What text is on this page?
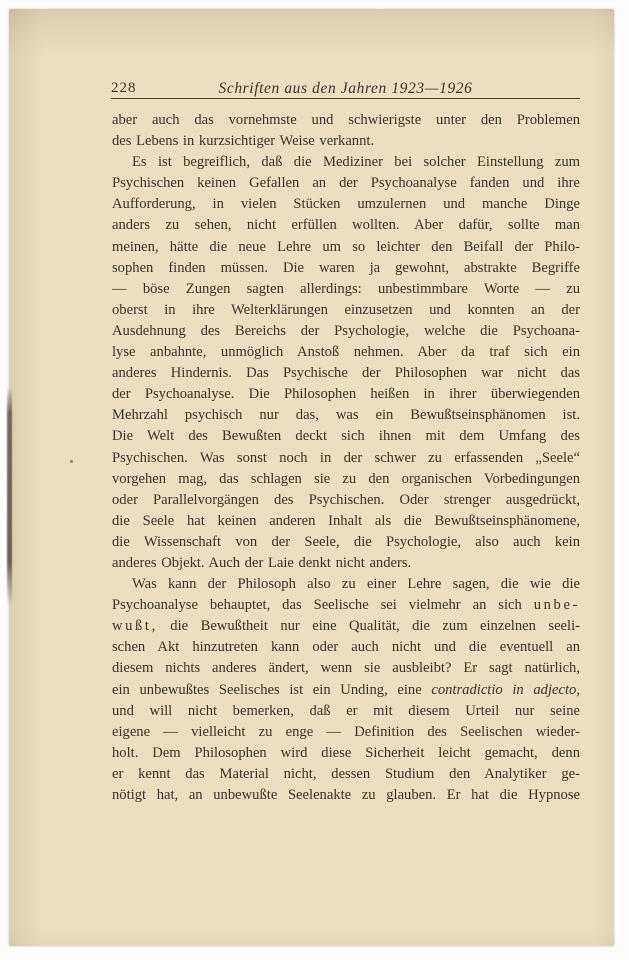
228	Schriften aus den Jahren 1923—1926
aber auch das vornehmste und schwierigste unter den Problemen
des Lebens in kurzsichtiger Weise verkannt.
Es ist begreiflich, daß die Mediziner bei solcher Einstellung zum
Psychischen keinen Gefallen an der Psychoanalyse fanden und ihre
Aufforderung, in vielen Stücken umzulernen und manche Dinge
anders zu sehen, nicht erfüllen wollten. Aber dafür, sollte man
meinen, hätte die neue Lehre um so leichter den Beifall der Philo-
sophen finden müssen. Die waren ja gewohnt, abstrakte Begriffe
— böse Zungen sagten allerdings: unbestimmbare Worte — zu
oberst in ihre Welterklärungen einzusetzen und konnten an der
Ausdehnung des Bereichs der Psychologie, welche die Psychoana-
lyse anbahnte, unmöglich Anstoß nehmen. Aber da traf sich ein
anderes Hindernis. Das Psychische der Philosophen war nicht das
der Psychoanalyse. Die Philosophen heißen in ihrer überwiegenden
Mehrzahl psychisch nur das, was ein Bewußtseinsphänomen ist.
Die Welt des Bewußten deckt sich ihnen mit dem Umfang des
Psychischen. Was sonst noch in der schwer zu erfassenden „Seele“
vorgehen mag, das schlagen sie zu den organischen Vorbedingungen
oder Parallelvorgängen des Psychischen. Oder strenger ausgedrückt,
die Seele hat keinen anderen Inhalt als die Bewußtseinsphänomene,
die Wissenschaft von der Seele, die Psychologie, also auch kein
anderes Objekt. Auch der Laie denkt nicht anders.
Was kann der Philosoph also zu einer Lehre sagen, die wie die
Psychoanalyse behauptet, das Seelische sei vielmehr an sich unbe-
wußt, die Bewußtheit nur eine Qualität, die zum einzelnen seeli-
schen Akt hinzutreten kann oder auch nicht und die eventuell an
diesem nichts anderes ändert, wenn sie ausbleibt? Er sagt natürlich,
ein unbewußtes Seelisches ist ein Unding, eine contradictio in adjecto,
und will nicht bemerken, daß er mit diesem Urteil nur seine
eigene — vielleicht zu enge — Definition des Seelischen wieder-
holt. Dem Philosophen wird diese Sicherheit leicht gemacht, denn
er kennt das Material nicht, dessen Studium den Analytiker ge-
nötigt hat, an unbewußte Seelenakte zu glauben. Er hat die Hypnose
